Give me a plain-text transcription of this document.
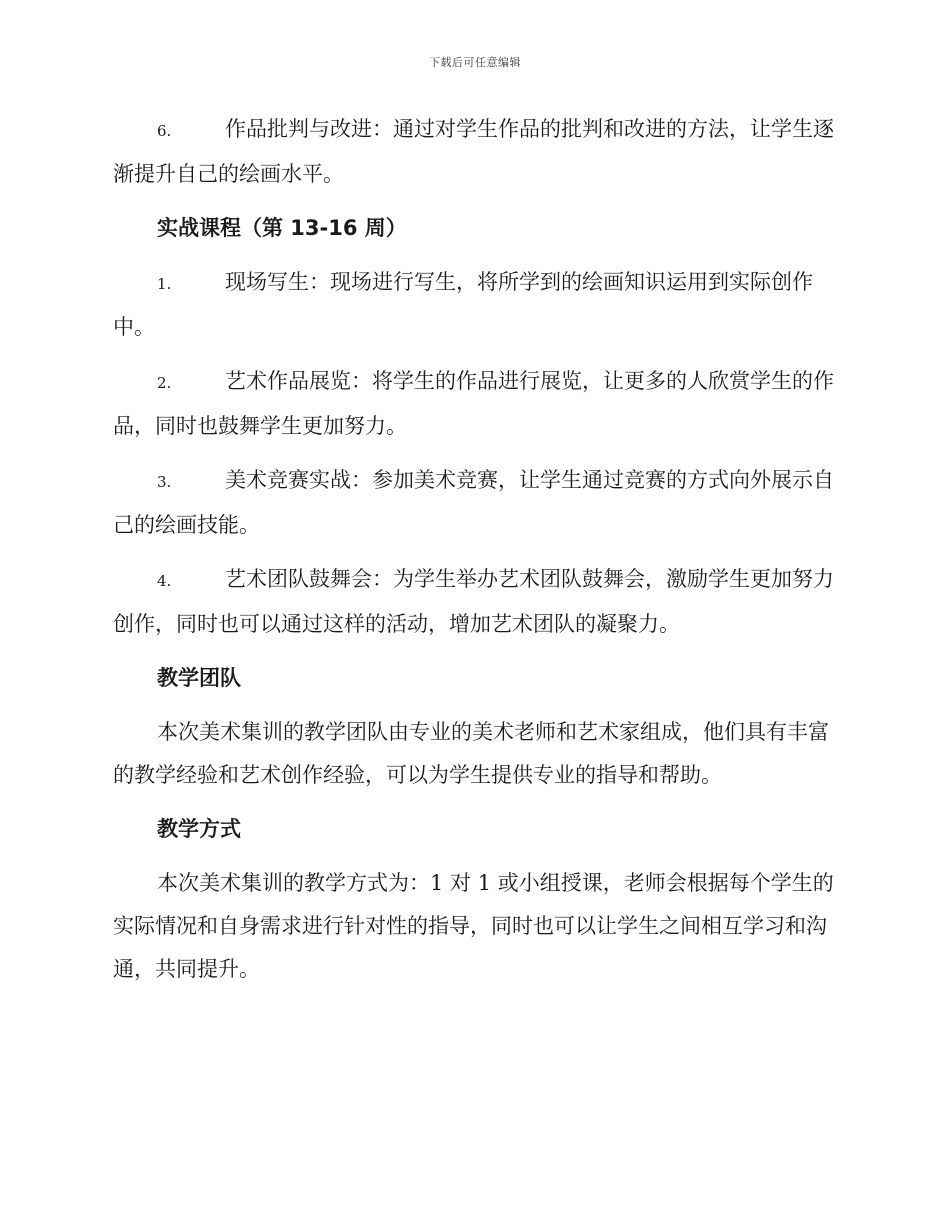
下载后可任意编辑

6.	作品批判与改进：通过对学生作品的批判和改进的方法，让学生逐渐提升自己的绘画水平。

实战课程（第 13-16 周）

1.	现场写生：现场进行写生，将所学到的绘画知识运用到实际创作中。

2.	艺术作品展览：将学生的作品进行展览，让更多的人欣赏学生的作品，同时也鼓舞学生更加努力。

3.	美术竞赛实战：参加美术竞赛，让学生通过竞赛的方式向外展示自己的绘画技能。

4.	艺术团队鼓舞会：为学生举办艺术团队鼓舞会，激励学生更加努力创作，同时也可以通过这样的活动，增加艺术团队的凝聚力。

教学团队

本次美术集训的教学团队由专业的美术老师和艺术家组成，他们具有丰富的教学经验和艺术创作经验，可以为学生提供专业的指导和帮助。

教学方式

本次美术集训的教学方式为：1 对 1 或小组授课，老师会根据每个学生的实际情况和自身需求进行针对性的指导，同时也可以让学生之间相互学习和沟通，共同提升。
